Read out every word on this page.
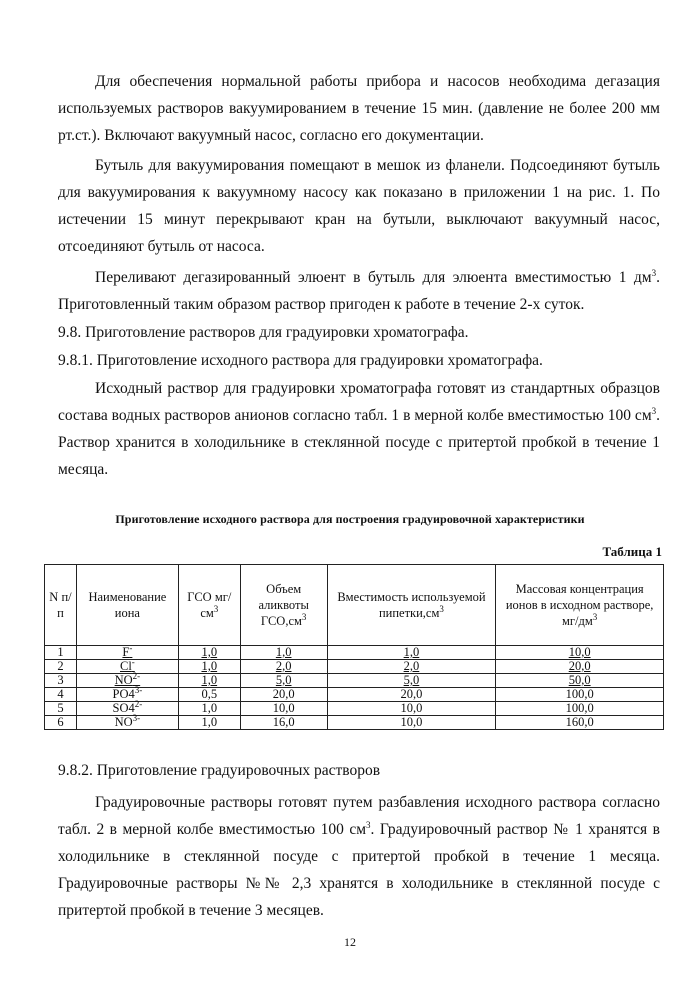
Для обеспечения нормальной работы прибора и насосов необходима дегазация используемых растворов вакуумированием в течение 15 мин. (давление не более 200 мм рт.ст.). Включают вакуумный насос, согласно его документации.

Бутыль для вакуумирования помещают в мешок из фланели. Подсоединяют бутыль для вакуумирования к вакуумному насосу как показано в приложении 1 на рис. 1. По истечении 15 минут перекрывают кран на бутыли, выключают вакуумный насос, отсоединяют бутыль от насоса.

Переливают дегазированный элюент в бутыль для элюента вместимостью 1 $дм^3$. Приготовленный таким образом раствор пригоден к работе в течение 2-х суток.

9.8. Приготовление растворов для градуировки хроматографа.
9.8.1. Приготовление исходного раствора для градуировки хроматографа.

Исходный раствор для градуировки хроматографа готовят из стандартных образцов состава водных растворов анионов согласно табл. 1 в мерной колбе вместимостью 100 $см^3$. Раствор хранится в холодильнике в стеклянной посуде с притертой пробкой в течение 1 месяца.

Приготовление исходного раствора для построения градуировочной характеристики
Таблица 1
N п/п	Наименование иона	ГСО $мг/см^3$	Объем аликвоты $ГСО,см^3$	Вместимость используемой $пипетки,см^3$	Массовая концентрация ионов в исходном растворе, $мг/дм^3$
1	F-	1,0	1,0	1,0	10,0
2	Cl-	1,0	2,0	2,0	20,0
3	$NO^{2-}$	1,0	5,0	5,0	50,0
4	$PO4^{3-}$	0,5	20,0	20,0	100,0
5	$SO4^{2-}$	1,0	10,0	10,0	100,0
6	$NO^{3-}$	1,0	16,0	10,0	160,0
9.8.2. Приготовление градуировочных растворов

Градуировочные растворы готовят путем разбавления исходного раствора согласно табл. 2 в мерной колбе вместимостью 100 $см^3$. Градуировочный раствор № 1 хранятся в холодильнике в стеклянной посуде с притертой пробкой в течение 1 месяца. Градуировочные растворы №№ 2,3 хранятся в холодильнике в стеклянной посуде с притертой пробкой в течение 3 месяцев.

12
